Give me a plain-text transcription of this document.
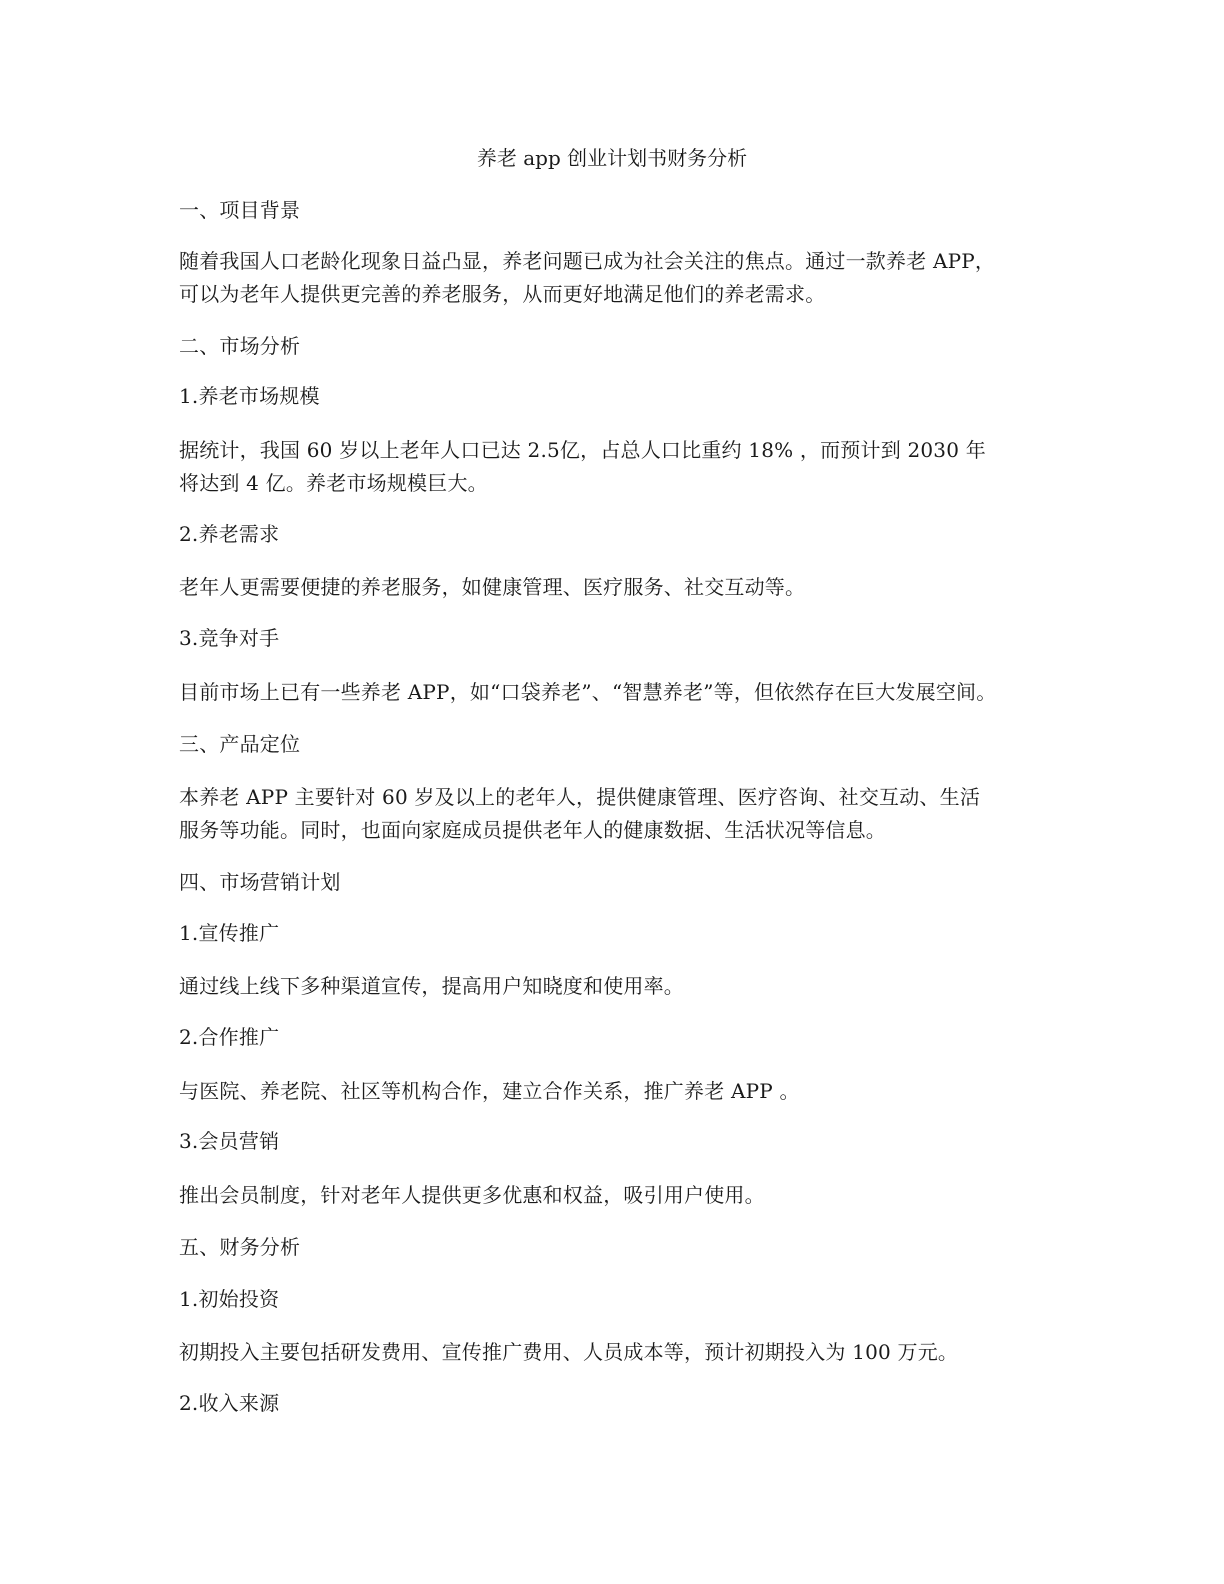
养老 app 创业计划书财务分析
一、项目背景
随着我国人口老龄化现象日益凸显，养老问题已成为社会关注的焦点。通过一款养老 APP，
可以为老年人提供更完善的养老服务，从而更好地满足他们的养老需求。
二、市场分析
1.养老市场规模
据统计，我国 60 岁以上老年人口已达 2.5亿，占总人口比重约 18% ，而预计到 2030 年
将达到 4 亿。养老市场规模巨大。
2.养老需求
老年人更需要便捷的养老服务，如健康管理、医疗服务、社交互动等。
3.竞争对手
目前市场上已有一些养老 APP，如“口袋养老”、“智慧养老”等，但依然存在巨大发展空间。
三、产品定位
本养老 APP 主要针对 60 岁及以上的老年人，提供健康管理、医疗咨询、社交互动、生活
服务等功能。同时，也面向家庭成员提供老年人的健康数据、生活状况等信息。
四、市场营销计划
1.宣传推广
通过线上线下多种渠道宣传，提高用户知晓度和使用率。
2.合作推广
与医院、养老院、社区等机构合作，建立合作关系，推广养老 APP 。
3.会员营销
推出会员制度，针对老年人提供更多优惠和权益，吸引用户使用。
五、财务分析
1.初始投资
初期投入主要包括研发费用、宣传推广费用、人员成本等，预计初期投入为 100 万元。
2.收入来源
